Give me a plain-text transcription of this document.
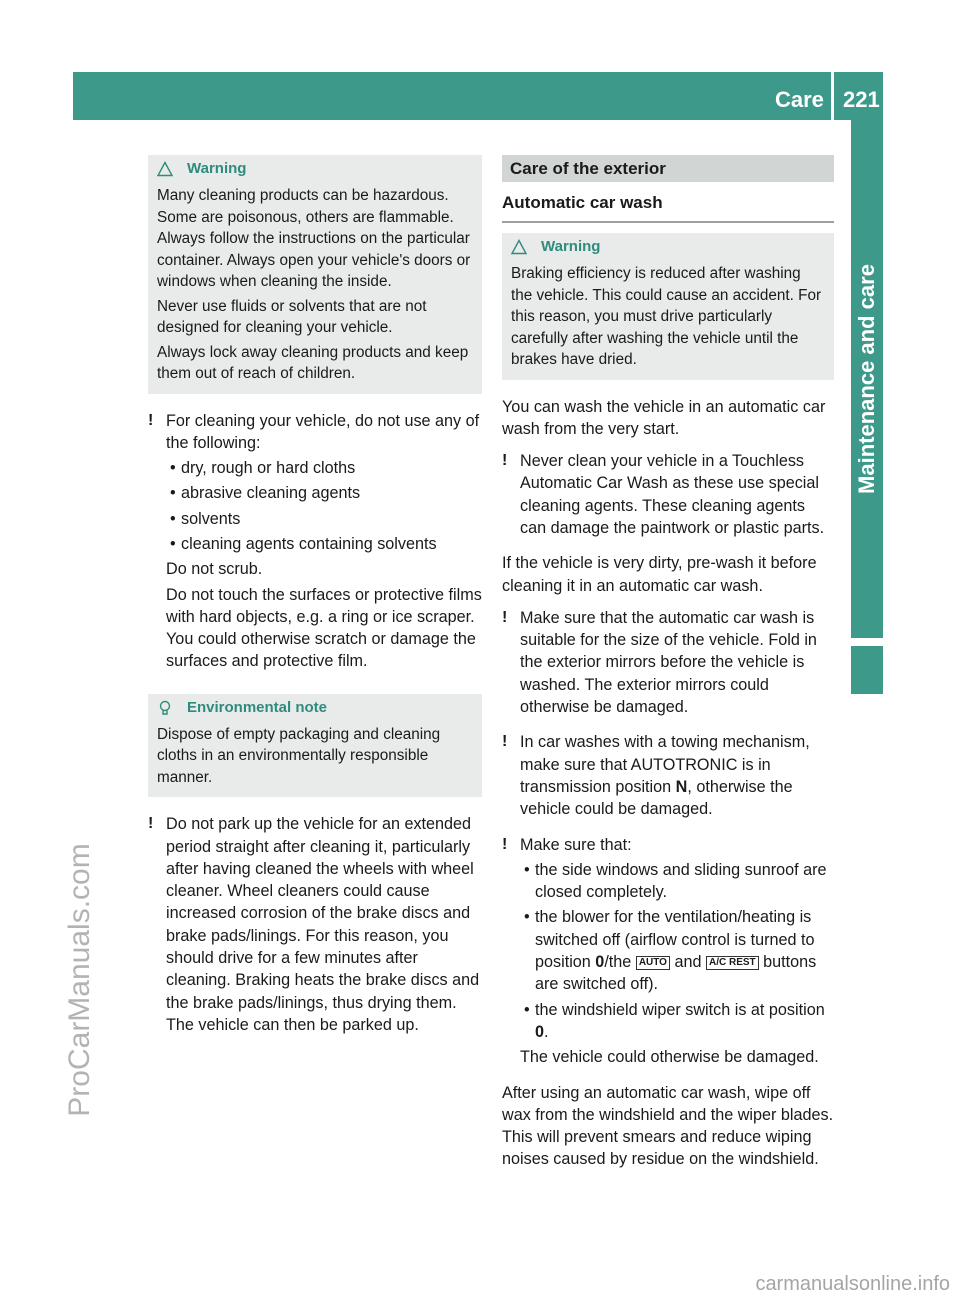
Care 221
Maintenance and care
ProCarManuals.com
carmanualsonline.info
Warning

Many cleaning products can be hazardous. Some are poisonous, others are flammable. Always follow the instructions on the particular container. Always open your vehicle's doors or windows when cleaning the inside.

Never use fluids or solvents that are not designed for cleaning your vehicle.

Always lock away cleaning products and keep them out of reach of children.

! For cleaning your vehicle, do not use any of the following:

• dry, rough or hard cloths
• abrasive cleaning agents
• solvents
• cleaning agents containing solvents

Do not scrub.

Do not touch the surfaces or protective films with hard objects, e.g. a ring or ice scraper. You could otherwise scratch or damage the surfaces and protective film.

Environmental note

Dispose of empty packaging and cleaning cloths in an environmentally responsible manner.

! Do not park up the vehicle for an extended period straight after cleaning it, particularly after having cleaned the wheels with wheel cleaner. Wheel cleaners could cause increased corrosion of the brake discs and brake pads/linings. For this reason, you should drive for a few minutes after cleaning. Braking heats the brake discs and the brake pads/linings, thus drying them. The vehicle can then be parked up.

Care of the exterior
Automatic car wash
Warning

Braking efficiency is reduced after washing the vehicle. This could cause an accident. For this reason, you must drive particularly carefully after washing the vehicle until the brakes have dried.

You can wash the vehicle in an automatic car wash from the very start.

! Never clean your vehicle in a Touchless Automatic Car Wash as these use special cleaning agents. These cleaning agents can damage the paintwork or plastic parts.

If the vehicle is very dirty, pre-wash it before cleaning it in an automatic car wash.

! Make sure that the automatic car wash is suitable for the size of the vehicle. Fold in the exterior mirrors before the vehicle is washed. The exterior mirrors could otherwise be damaged.

! In car washes with a towing mechanism, make sure that AUTOTRONIC is in transmission position N, otherwise the vehicle could be damaged.

! Make sure that:

• the side windows and sliding sunroof are closed completely.
• the blower for the ventilation/heating is switched off (airflow control is turned to position 0/the AUTO and A/C REST buttons are switched off).
• the windshield wiper switch is at position 0.

The vehicle could otherwise be damaged.

After using an automatic car wash, wipe off wax from the windshield and the wiper blades. This will prevent smears and reduce wiping noises caused by residue on the windshield.
